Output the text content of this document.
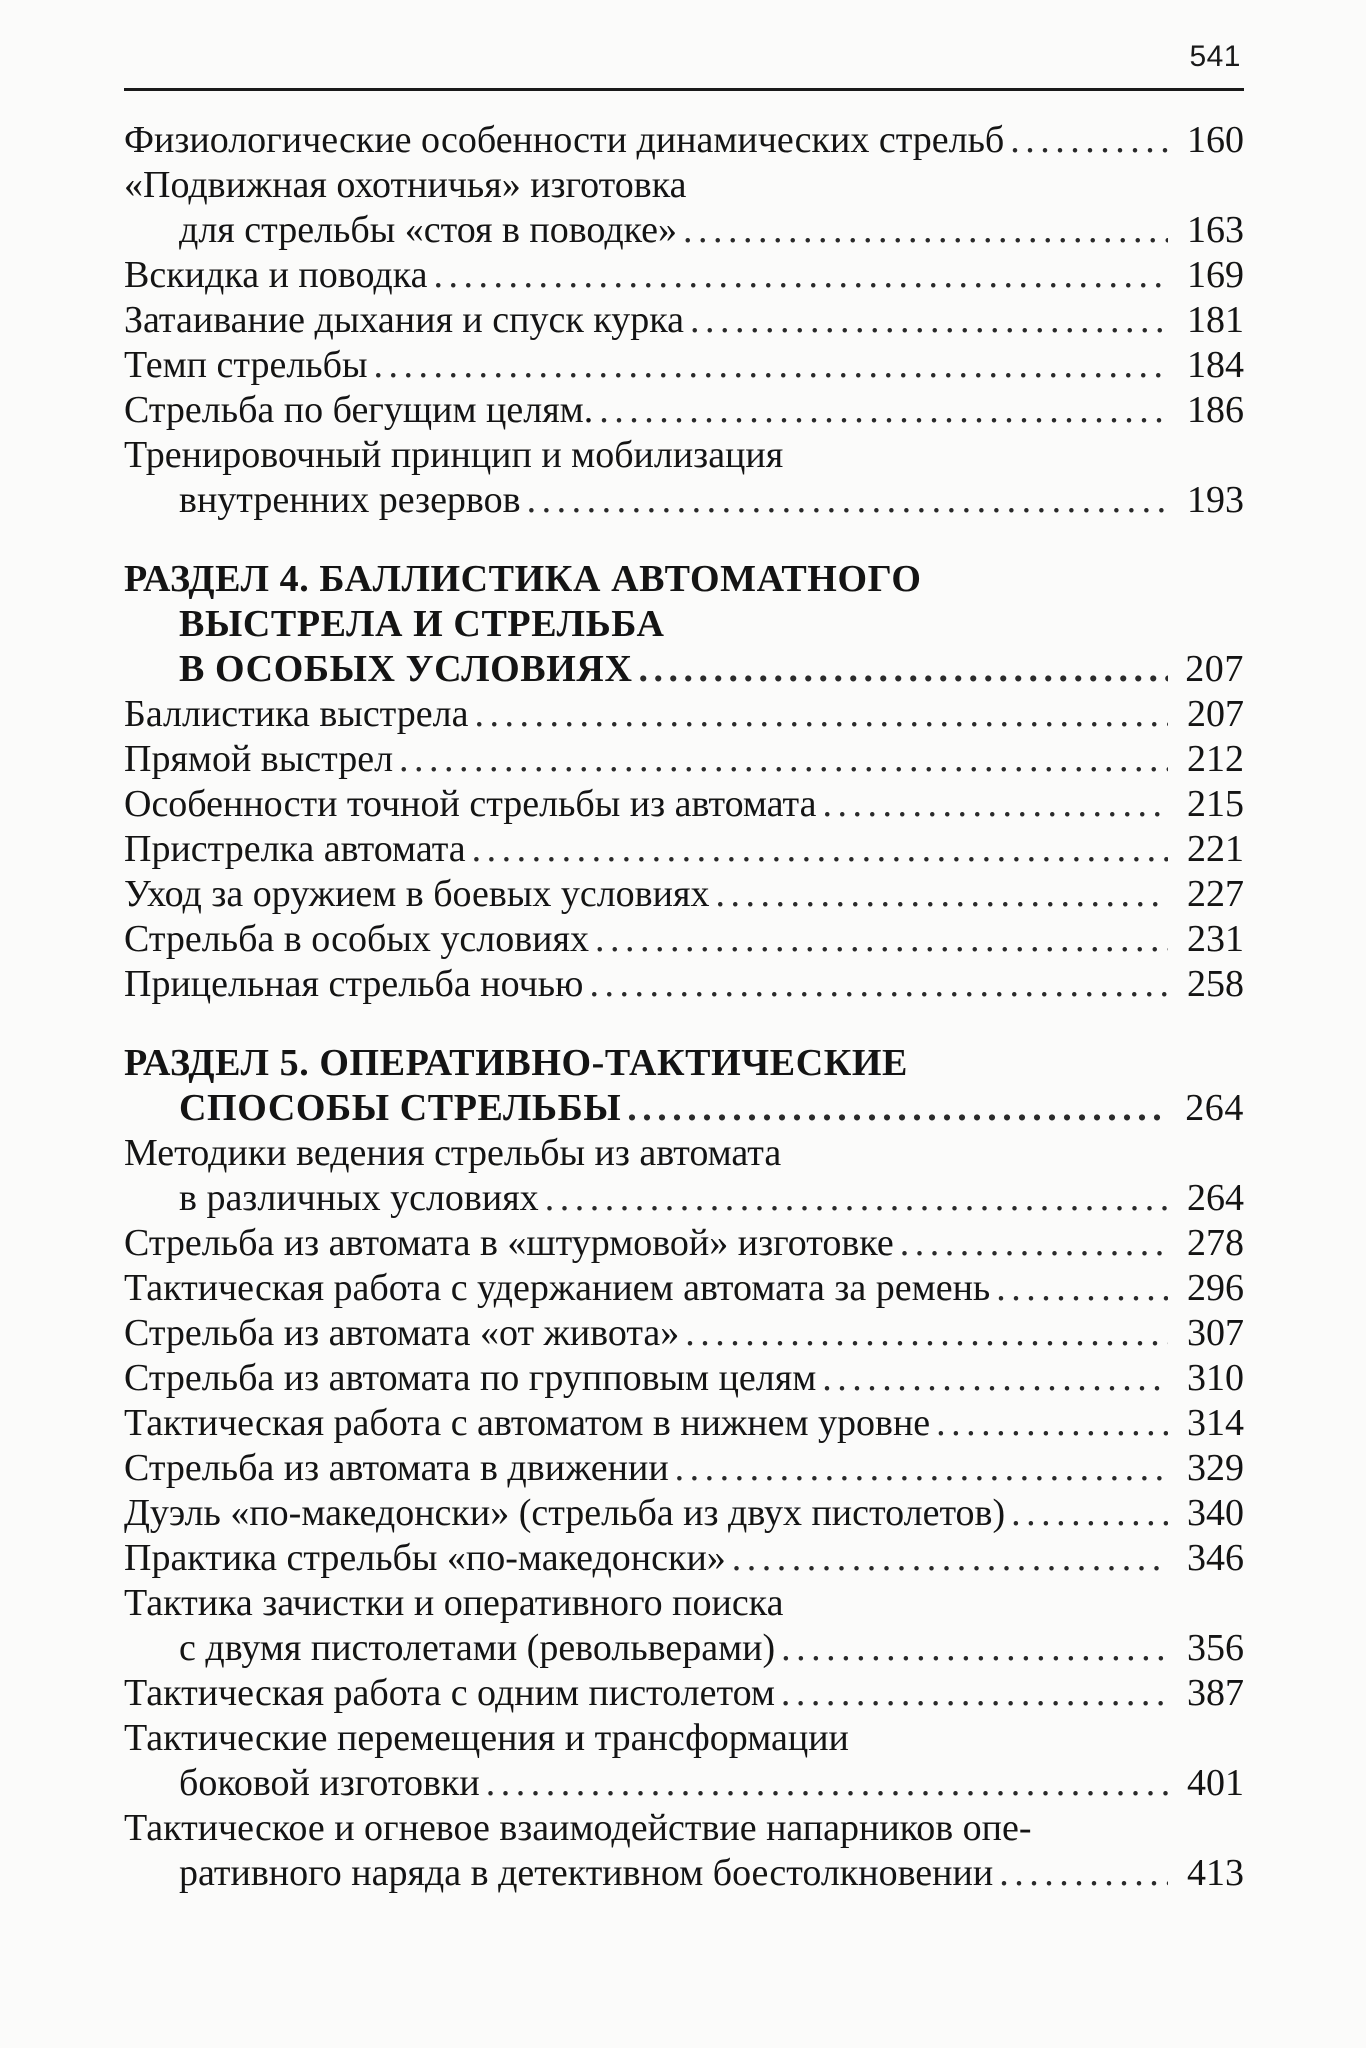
541
Физиологические особенности динамических стрельб . . .	160
«Подвижная охотничья» изготовка
для стрельбы «стоя в поводке» . . .	163
Вскидка и поводка . . .	169
Затаивание дыхания и спуск курка . . .	181
Темп стрельбы . . .	184
Стрельба по бегущим целям. . . .	186
Тренировочный принцип и мобилизация
внутренних резервов . . .	193
РАЗДЕЛ 4. БАЛЛИСТИКА АВТОМАТНОГО
ВЫСТРЕЛА И СТРЕЛЬБА
В ОСОБЫХ УСЛОВИЯХ . . .	207
Баллистика выстрела . . .	207
Прямой выстрел . . .	212
Особенности точной стрельбы из автомата . . .	215
Пристрелка автомата . . .	221
Уход за оружием в боевых условиях . . .	227
Стрельба в особых условиях . . .	231
Прицельная стрельба ночью . . .	258
РАЗДЕЛ 5. ОПЕРАТИВНО-ТАКТИЧЕСКИЕ
СПОСОБЫ СТРЕЛЬБЫ . . .	264
Методики ведения стрельбы из автомата
в различных условиях . . .	264
Стрельба из автомата в «штурмовой» изготовке . . .	278
Тактическая работа с удержанием автомата за ремень . . .	296
Стрельба из автомата «от живота» . . .	307
Стрельба из автомата по групповым целям . . .	310
Тактическая работа с автоматом в нижнем уровне . . .	314
Стрельба из автомата в движении . . .	329
Дуэль «по-македонски» (стрельба из двух пистолетов) . . .	340
Практика стрельбы «по-македонски» . . .	346
Тактика зачистки и оперативного поиска
с двумя пистолетами (револьверами) . . .	356
Тактическая работа с одним пистолетом . . .	387
Тактические перемещения и трансформации
боковой изготовки . . .	401
Тактическое и огневое взаимодействие напарников опе-
ративного наряда в детективном боестолкновении . . .	413
